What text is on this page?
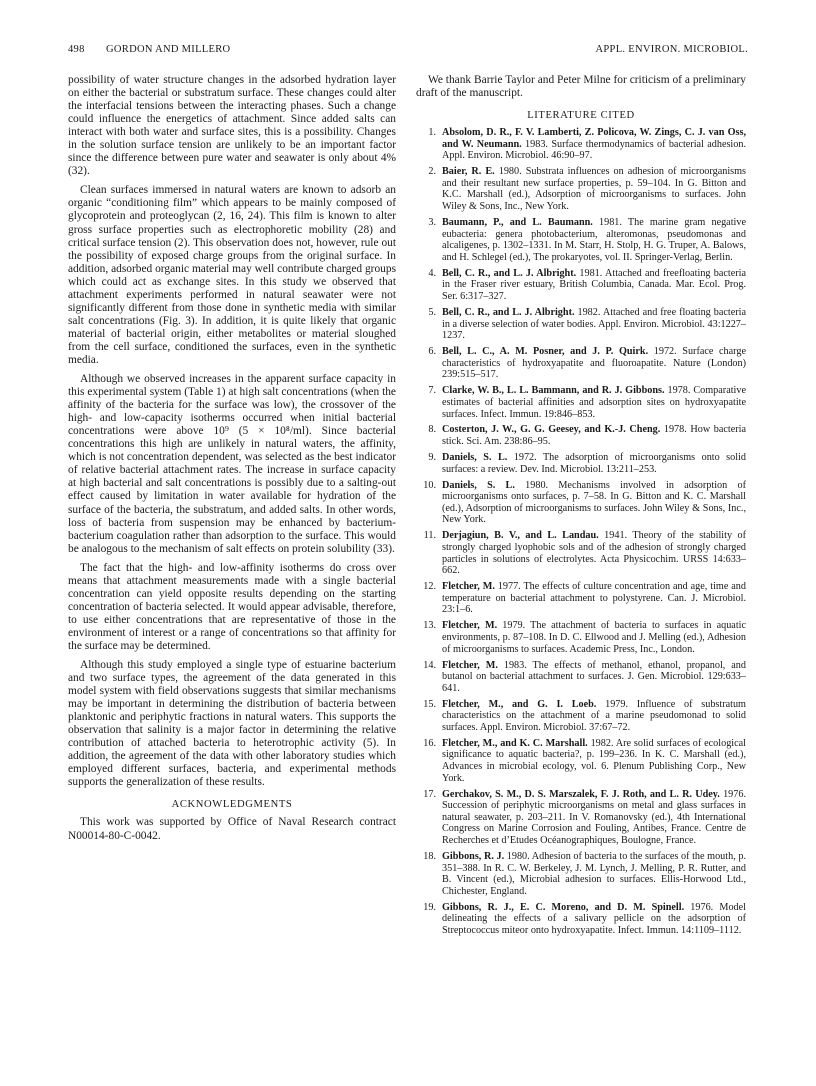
498 GORDON AND MILLERO	APPL. ENVIRON. MICROBIOL.

possibility of water structure changes in the adsorbed hydration layer on either the bacterial or substratum surface. These changes could alter the interfacial tensions between the interacting phases. Such a change could influence the energetics of attachment. Since added salts can interact with both water and surface sites, this is a possibility. Changes in the solution surface tension are unlikely to be an important factor since the difference between pure water and seawater is only about 4% (32).

Clean surfaces immersed in natural waters are known to adsorb an organic “conditioning film” which appears to be mainly composed of glycoprotein and proteoglycan (2, 16, 24). This film is known to alter gross surface properties such as electrophoretic mobility (28) and critical surface tension (2). This observation does not, however, rule out the possibility of exposed charge groups from the original surface. In addition, adsorbed organic material may well contribute charged groups which could act as exchange sites. In this study we observed that attachment experiments performed in natural seawater were not significantly different from those done in synthetic media with similar salt concentrations (Fig. 3). In addition, it is quite likely that organic material of bacterial origin, either metabolites or material sloughed from the cell surface, conditioned the surfaces, even in the synthetic media.

Although we observed increases in the apparent surface capacity in this experimental system (Table 1) at high salt concentrations (when the affinity of the bacteria for the surface was low), the crossover of the high- and low-capacity isotherms occurred when initial bacterial concentrations were above 10⁹ (5 × 10⁸/ml). Since bacterial concentrations this high are unlikely in natural waters, the affinity, which is not concentration dependent, was selected as the best indicator of relative bacterial attachment rates. The increase in surface capacity at high bacterial and salt concentrations is possibly due to a salting-out effect caused by limitation in water available for hydration of the surface of the bacteria, the substratum, and added salts. In other words, loss of bacteria from suspension may be enhanced by bacterium-bacterium coagulation rather than adsorption to the surface. This would be analogous to the mechanism of salt effects on protein solubility (33).

The fact that the high- and low-affinity isotherms do cross over means that attachment measurements made with a single bacterial concentration can yield opposite results depending on the starting concentration of bacteria selected. It would appear advisable, therefore, to use either concentrations that are representative of those in the environment of interest or a range of concentrations so that affinity for the surface may be determined.

Although this study employed a single type of estuarine bacterium and two surface types, the agreement of the data generated in this model system with field observations suggests that similar mechanisms may be important in determining the distribution of bacteria between planktonic and periphytic fractions in natural waters. This supports the observation that salinity is a major factor in determining the relative contribution of attached bacteria to heterotrophic activity (5). In addition, the agreement of the data with other laboratory studies which employed different surfaces, bacteria, and experimental methods supports the generalization of these results.

ACKNOWLEDGMENTS

This work was supported by Office of Naval Research contract N00014-80-C-0042.

We thank Barrie Taylor and Peter Milne for criticism of a preliminary draft of the manuscript.

LITERATURE CITED
1. Absolom, D. R., F. V. Lamberti, Z. Policova, W. Zings, C. J. van Oss, and W. Neumann. 1983. Surface thermodynamics of bacterial adhesion. Appl. Environ. Microbiol. 46:90–97.
2. Baier, R. E. 1980. Substrata influences on adhesion of microorganisms and their resultant new surface properties, p. 59–104. In G. Bitton and K.C. Marshall (ed.), Adsorption of microorganisms to surfaces. John Wiley & Sons, Inc., New York.
3. Baumann, P., and L. Baumann. 1981. The marine gram negative eubacteria: genera photobacterium, alteromonas, pseudomonas and alcaligenes, p. 1302–1331. In M. Starr, H. Stolp, H. G. Truper, A. Balows, and H. Schlegel (ed.), The prokaryotes, vol. II. Springer-Verlag, Berlin.
4. Bell, C. R., and L. J. Albright. 1981. Attached and freefloating bacteria in the Fraser river estuary, British Columbia, Canada. Mar. Ecol. Prog. Ser. 6:317–327.
5. Bell, C. R., and L. J. Albright. 1982. Attached and free floating bacteria in a diverse selection of water bodies. Appl. Environ. Microbiol. 43:1227–1237.
6. Bell, L. C., A. M. Posner, and J. P. Quirk. 1972. Surface charge characteristics of hydroxyapatite and fluoroapatite. Nature (London) 239:515–517.
7. Clarke, W. B., L. L. Bammann, and R. J. Gibbons. 1978. Comparative estimates of bacterial affinities and adsorption sites on hydroxyapatite surfaces. Infect. Immun. 19:846–853.
8. Costerton, J. W., G. G. Geesey, and K.-J. Cheng. 1978. How bacteria stick. Sci. Am. 238:86–95.
9. Daniels, S. L. 1972. The adsorption of microorganisms onto solid surfaces: a review. Dev. Ind. Microbiol. 13:211–253.
10. Daniels, S. L. 1980. Mechanisms involved in adsorption of microorganisms onto surfaces, p. 7–58. In G. Bitton and K. C. Marshall (ed.), Adsorption of microorganisms to surfaces. John Wiley & Sons, Inc., New York.
11. Derjagiun, B. V., and L. Landau. 1941. Theory of the stability of strongly charged lyophobic sols and of the adhesion of strongly charged particles in solutions of electrolytes. Acta Physicochim. URSS 14:633–662.
12. Fletcher, M. 1977. The effects of culture concentration and age, time and temperature on bacterial attachment to polystyrene. Can. J. Microbiol. 23:1–6.
13. Fletcher, M. 1979. The attachment of bacteria to surfaces in aquatic environments, p. 87–108. In D. C. Ellwood and J. Melling (ed.), Adhesion of microorganisms to surfaces. Academic Press, Inc., London.
14. Fletcher, M. 1983. The effects of methanol, ethanol, propanol, and butanol on bacterial attachment to surfaces. J. Gen. Microbiol. 129:633–641.
15. Fletcher, M., and G. I. Loeb. 1979. Influence of substratum characteristics on the attachment of a marine pseudomonad to solid surfaces. Appl. Environ. Microbiol. 37:67–72.
16. Fletcher, M., and K. C. Marshall. 1982. Are solid surfaces of ecological significance to aquatic bacteria?, p. 199–236. In K. C. Marshall (ed.), Advances in microbial ecology, vol. 6. Plenum Publishing Corp., New York.
17. Gerchakov, S. M., D. S. Marszalek, F. J. Roth, and L. R. Udey. 1976. Succession of periphytic microorganisms on metal and glass surfaces in natural seawater, p. 203–211. In V. Romanovsky (ed.), 4th International Congress on Marine Corrosion and Fouling, Antibes, France. Centre de Recherches et d’Etudes Océanographiques, Boulogne, France.
18. Gibbons, R. J. 1980. Adhesion of bacteria to the surfaces of the mouth, p. 351–388. In R. C. W. Berkeley, J. M. Lynch, J. Melling, P. R. Rutter, and B. Vincent (ed.), Microbial adhesion to surfaces. Ellis-Horwood Ltd., Chichester, England.
19. Gibbons, R. J., E. C. Moreno, and D. M. Spinell. 1976. Model delineating the effects of a salivary pellicle on the adsorption of Streptococcus miteor onto hydroxyapatite. Infect. Immun. 14:1109–1112.
